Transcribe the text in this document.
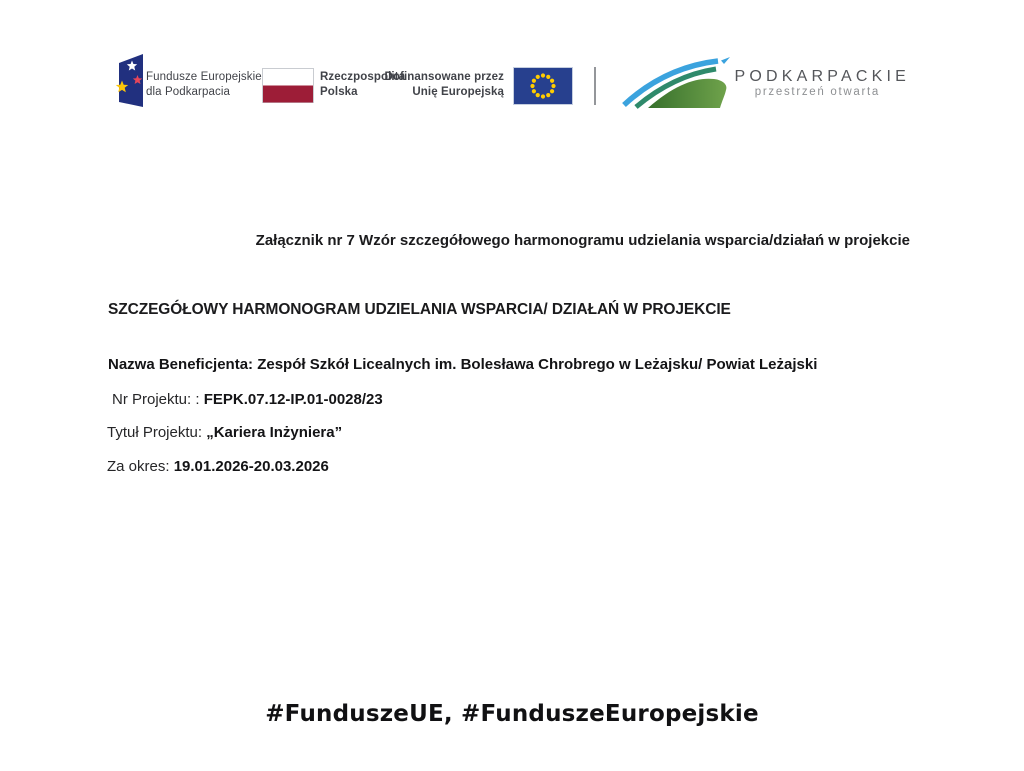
Fundusze Europejskie
dla Podkarpacia
Rzeczpospolita
Polska
Dofinansowane przez
Unię Europejską
PODKARPACKIE
przestrzeń otwarta
Załącznik nr 7 Wzór szczegółowego harmonogramu udzielania wsparcia/działań w projekcie
SZCZEGÓŁOWY HARMONOGRAM UDZIELANIA WSPARCIA/ DZIAŁAŃ W PROJEKCIE
Nazwa Beneficjenta: Zespół Szkół Licealnych im. Bolesława Chrobrego w Leżajsku/ Powiat Leżajski
Nr Projektu: : FEPK.07.12-IP.01-0028/23
Tytuł Projektu: „Kariera Inżyniera”
Za okres: 19.01.2026-20.03.2026
#FunduszeUE, #FunduszeEuropejskie
